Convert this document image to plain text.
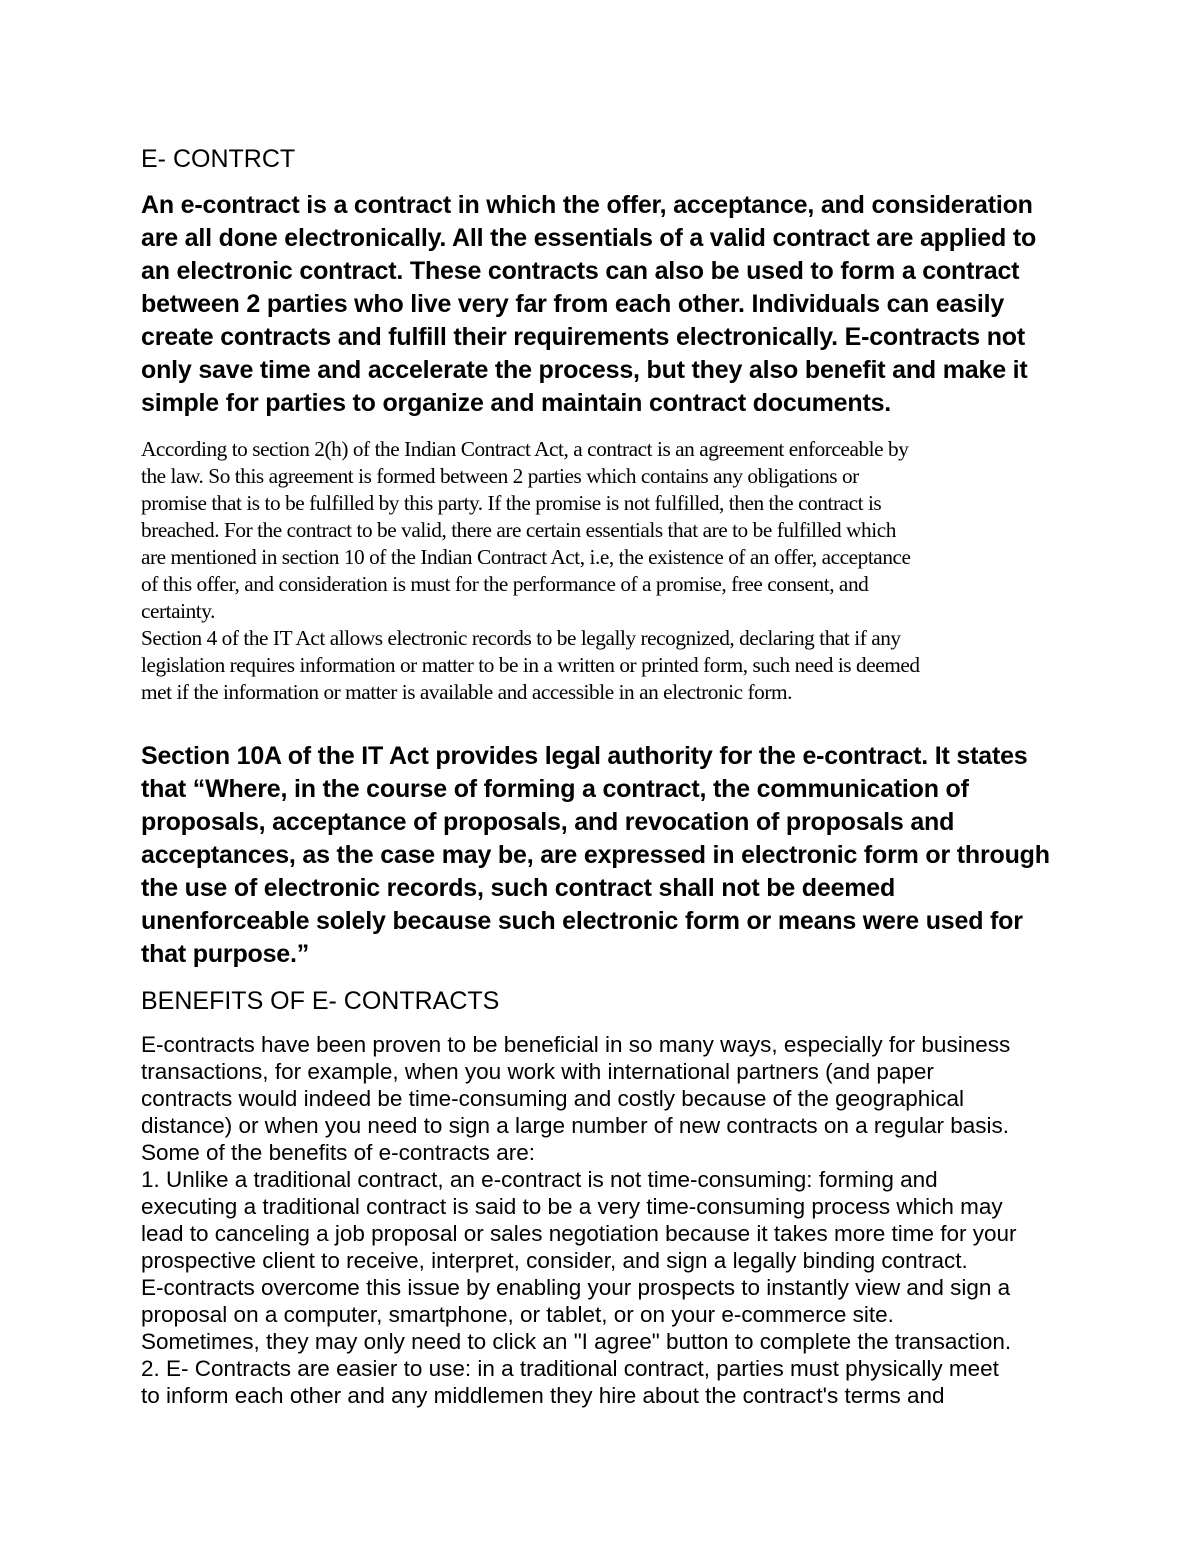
E- CONTRCT
An e-contract is a contract in which the offer, acceptance, and consideration
are all done electronically. All the essentials of a valid contract are applied to
an electronic contract. These contracts can also be used to form a contract
between 2 parties who live very far from each other. Individuals can easily
create contracts and fulfill their requirements electronically. E-contracts not
only save time and accelerate the process, but they also benefit and make it
simple for parties to organize and maintain contract documents.
According to section 2(h) of the Indian Contract Act, a contract is an agreement enforceable by
the law. So this agreement is formed between 2 parties which contains any obligations or
promise that is to be fulfilled by this party. If the promise is not fulfilled, then the contract is
breached. For the contract to be valid, there are certain essentials that are to be fulfilled which
are mentioned in section 10 of the Indian Contract Act, i.e, the existence of an offer, acceptance
of this offer, and consideration is must for the performance of a promise, free consent, and
certainty.
Section 4 of the IT Act allows electronic records to be legally recognized, declaring that if any
legislation requires information or matter to be in a written or printed form, such need is deemed
met if the information or matter is available and accessible in an electronic form.
Section 10A of the IT Act provides legal authority for the e-contract. It states
that “Where, in the course of forming a contract, the communication of
proposals, acceptance of proposals, and revocation of proposals and
acceptances, as the case may be, are expressed in electronic form or through
the use of electronic records, such contract shall not be deemed
unenforceable solely because such electronic form or means were used for
that purpose.”
BENEFITS OF E- CONTRACTS
E-contracts have been proven to be beneficial in so many ways, especially for business
transactions, for example, when you work with international partners (and paper
contracts would indeed be time-consuming and costly because of the geographical
distance) or when you need to sign a large number of new contracts on a regular basis.
Some of the benefits of e-contracts are:
1. Unlike a traditional contract, an e-contract is not time-consuming: forming and
executing a traditional contract is said to be a very time-consuming process which may
lead to canceling a job proposal or sales negotiation because it takes more time for your
prospective client to receive, interpret, consider, and sign a legally binding contract.
E-contracts overcome this issue by enabling your prospects to instantly view and sign a
proposal on a computer, smartphone, or tablet, or on your e-commerce site.
Sometimes, they may only need to click an "I agree" button to complete the transaction.
2. E- Contracts are easier to use: in a traditional contract, parties must physically meet
to inform each other and any middlemen they hire about the contract's terms and
